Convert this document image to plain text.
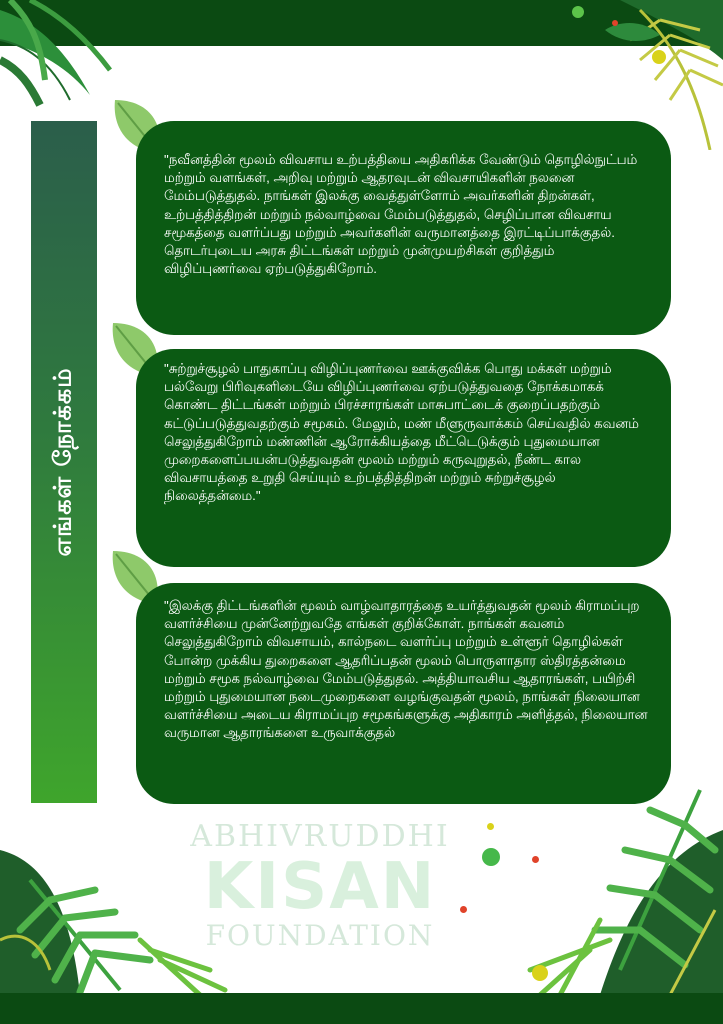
எங்கள் நோக்கம்

"நவீனத்தின் மூலம் விவசாய உற்பத்தியை அதிகரிக்க வேண்டும் தொழில்நுட்பம் மற்றும் வளங்கள், அறிவு மற்றும் ஆதரவுடன் விவசாயிகளின் நலனை மேம்படுத்துதல். நாங்கள் இலக்கு வைத்துள்ளோம் அவர்களின் திறன்கள், உற்பத்தித்திறன் மற்றும் நல்வாழ்வை மேம்படுத்துதல், செழிப்பான விவசாய சமூகத்தை வளர்ப்பது மற்றும் அவர்களின் வருமானத்தை இரட்டிப்பாக்குதல். தொடர்புடைய அரசு திட்டங்கள் மற்றும் முன்முயற்சிகள் குறித்தும் விழிப்புணர்வை ஏற்படுத்துகிறோம்.

"சுற்றுச்சூழல் பாதுகாப்பு விழிப்புணர்வை ஊக்குவிக்க பொது மக்கள் மற்றும் பல்வேறு பிரிவுகளிடையே விழிப்புணர்வை ஏற்படுத்துவதை நோக்கமாகக் கொண்ட திட்டங்கள் மற்றும் பிரச்சாரங்கள் மாசுபாட்டைக் குறைப்பதற்கும் கட்டுப்படுத்துவதற்கும் சமூகம். மேலும், மண் மீளுருவாக்கம் செய்வதில் கவனம் செலுத்துகிறோம் மண்ணின் ஆரோக்கியத்தை மீட்டெடுக்கும் புதுமையான முறைகளைப்பயன்படுத்துவதன் மூலம் மற்றும் கருவுறுதல், நீண்ட கால விவசாயத்தை உறுதி செய்யும் உற்பத்தித்திறன் மற்றும் சுற்றுச்சூழல் நிலைத்தன்மை."

"இலக்கு திட்டங்களின் மூலம் வாழ்வாதாரத்தை உயர்த்துவதன் மூலம் கிராமப்புற வளர்ச்சியை முன்னேற்றுவதே எங்கள் குறிக்கோள். நாங்கள் கவனம் செலுத்துகிறோம் விவசாயம், கால்நடை வளர்ப்பு மற்றும் உள்ளூர் தொழில்கள் போன்ற முக்கிய துறைகளை ஆதரிப்பதன் மூலம் பொருளாதார ஸ்திரத்தன்மை மற்றும் சமூக நல்வாழ்வை மேம்படுத்துதல். அத்தியாவசிய ஆதாரங்கள், பயிற்சி மற்றும் புதுமையான நடைமுறைகளை வழங்குவதன் மூலம், நாங்கள் நிலையான வளர்ச்சியை அடைய கிராமப்புற சமூகங்களுக்கு அதிகாரம் அளித்தல், நிலையான வருமான ஆதாரங்களை உருவாக்குதல்

ABHIVRUDDHI
KISAN
FOUNDATION
